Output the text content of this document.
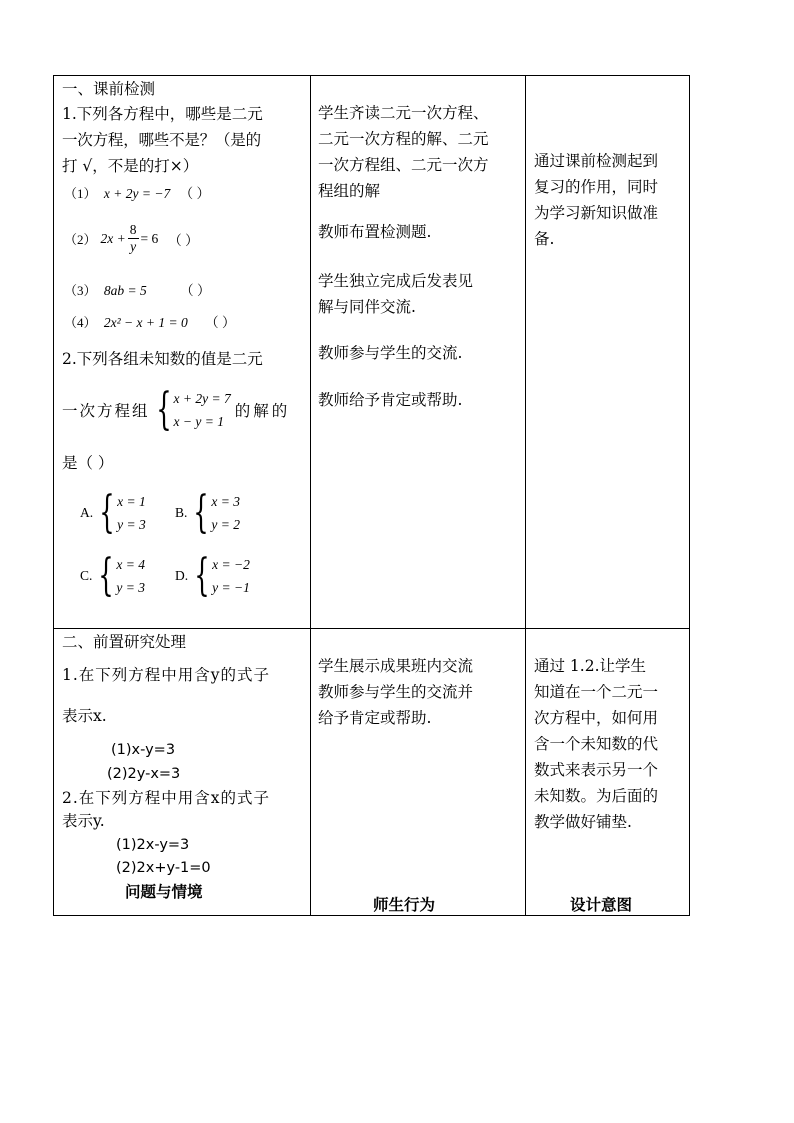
一、课前检测
1.下列各方程中，哪些是二元
一次方程，哪些不是？（是的
打 √，不是的打×）
（1） x + 2y = −7 （ ）
（2） $2x + \frac{8}{y} = 6$ （ ）
（3） 8ab = 5 （ ）
（4） 2x² − x + 1 = 0 （ ）
2.下列各组未知数的值是二元
一次方程组 { x + 2y = 7
x − y = 1
的解的
是（ ）
A. { x = 1
y = 3
B. { x = 3
y = 2
C. { x = 4
y = 3
D. { x = −2
y = −1
二、前置研究处理
1.在下列方程中用含y的式子
表示x.
(1)x-y=3
(2)2y-x=3
2.在下列方程中用含x的式子
表示y.
(1)2x-y=3
(2)2x+y-1=0
问题与情境
学生齐读二元一次方程、
二元一次方程的解、二元
一次方程组、二元一次方
程组的解
教师布置检测题.
学生独立完成后发表见
解与同伴交流.
教师参与学生的交流.
教师给予肯定或帮助.
学生展示成果班内交流
教师参与学生的交流并
给予肯定或帮助.
师生行为
通过课前检测起到
复习的作用，同时
为学习新知识做准
备.
通过 1.2.让学生
知道在一个二元一
次方程中，如何用
含一个未知数的代
数式来表示另一个
未知数。为后面的
教学做好铺垫.
设计意图
